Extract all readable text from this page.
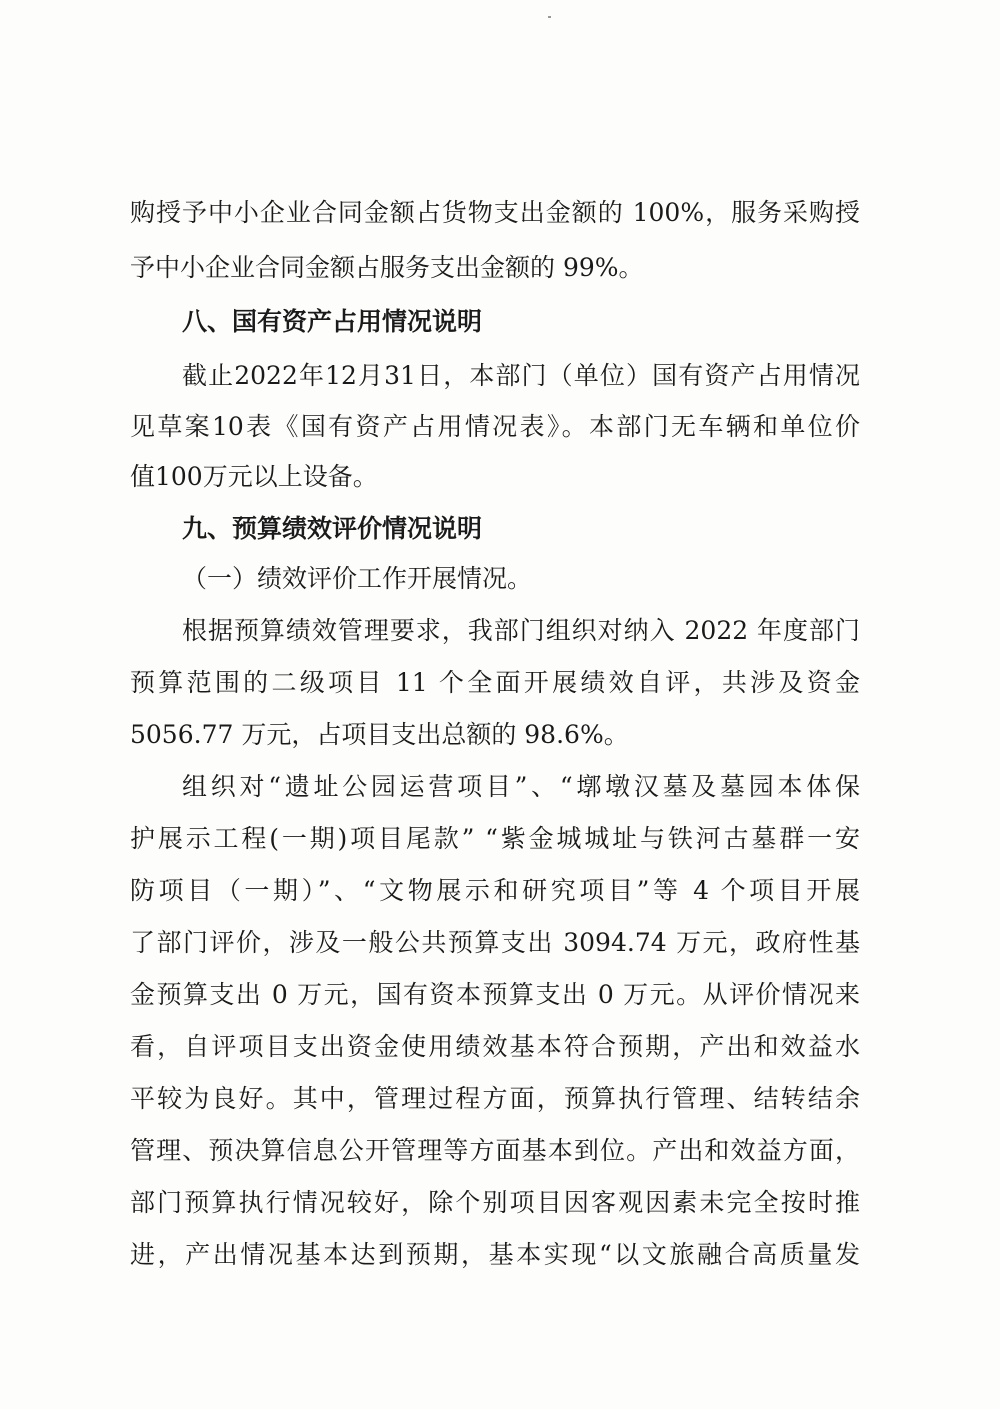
购授予中小企业合同金额占货物支出金额的 100%，服务采购授
予中小企业合同金额占服务支出金额的 99%。
八、国有资产占用情况说明
截止2022年12月31日，本部门（单位）国有资产占用情况
见草案10表《国有资产占用情况表》。本部门无车辆和单位价
值100万元以上设备。
九、预算绩效评价情况说明
（一）绩效评价工作开展情况。
根据预算绩效管理要求，我部门组织对纳入 2022 年度部门
预算范围的二级项目 11 个全面开展绩效自评，共涉及资金
5056.77 万元，占项目支出总额的 98.6%。
组织对“遗址公园运营项目”、“墎墩汉墓及墓园本体保
护展示工程(一期)项目尾款” “紫金城城址与铁河古墓群一安
防项目（一期）”、“文物展示和研究项目”等 4 个项目开展
了部门评价，涉及一般公共预算支出 3094.74 万元，政府性基
金预算支出 0 万元，国有资本预算支出 0 万元。从评价情况来
看，自评项目支出资金使用绩效基本符合预期，产出和效益水
平较为良好。其中，管理过程方面，预算执行管理、结转结余
管理、预决算信息公开管理等方面基本到位。产出和效益方面，
部门预算执行情况较好，除个别项目因客观因素未完全按时推
进，产出情况基本达到预期，基本实现“以文旅融合高质量发
